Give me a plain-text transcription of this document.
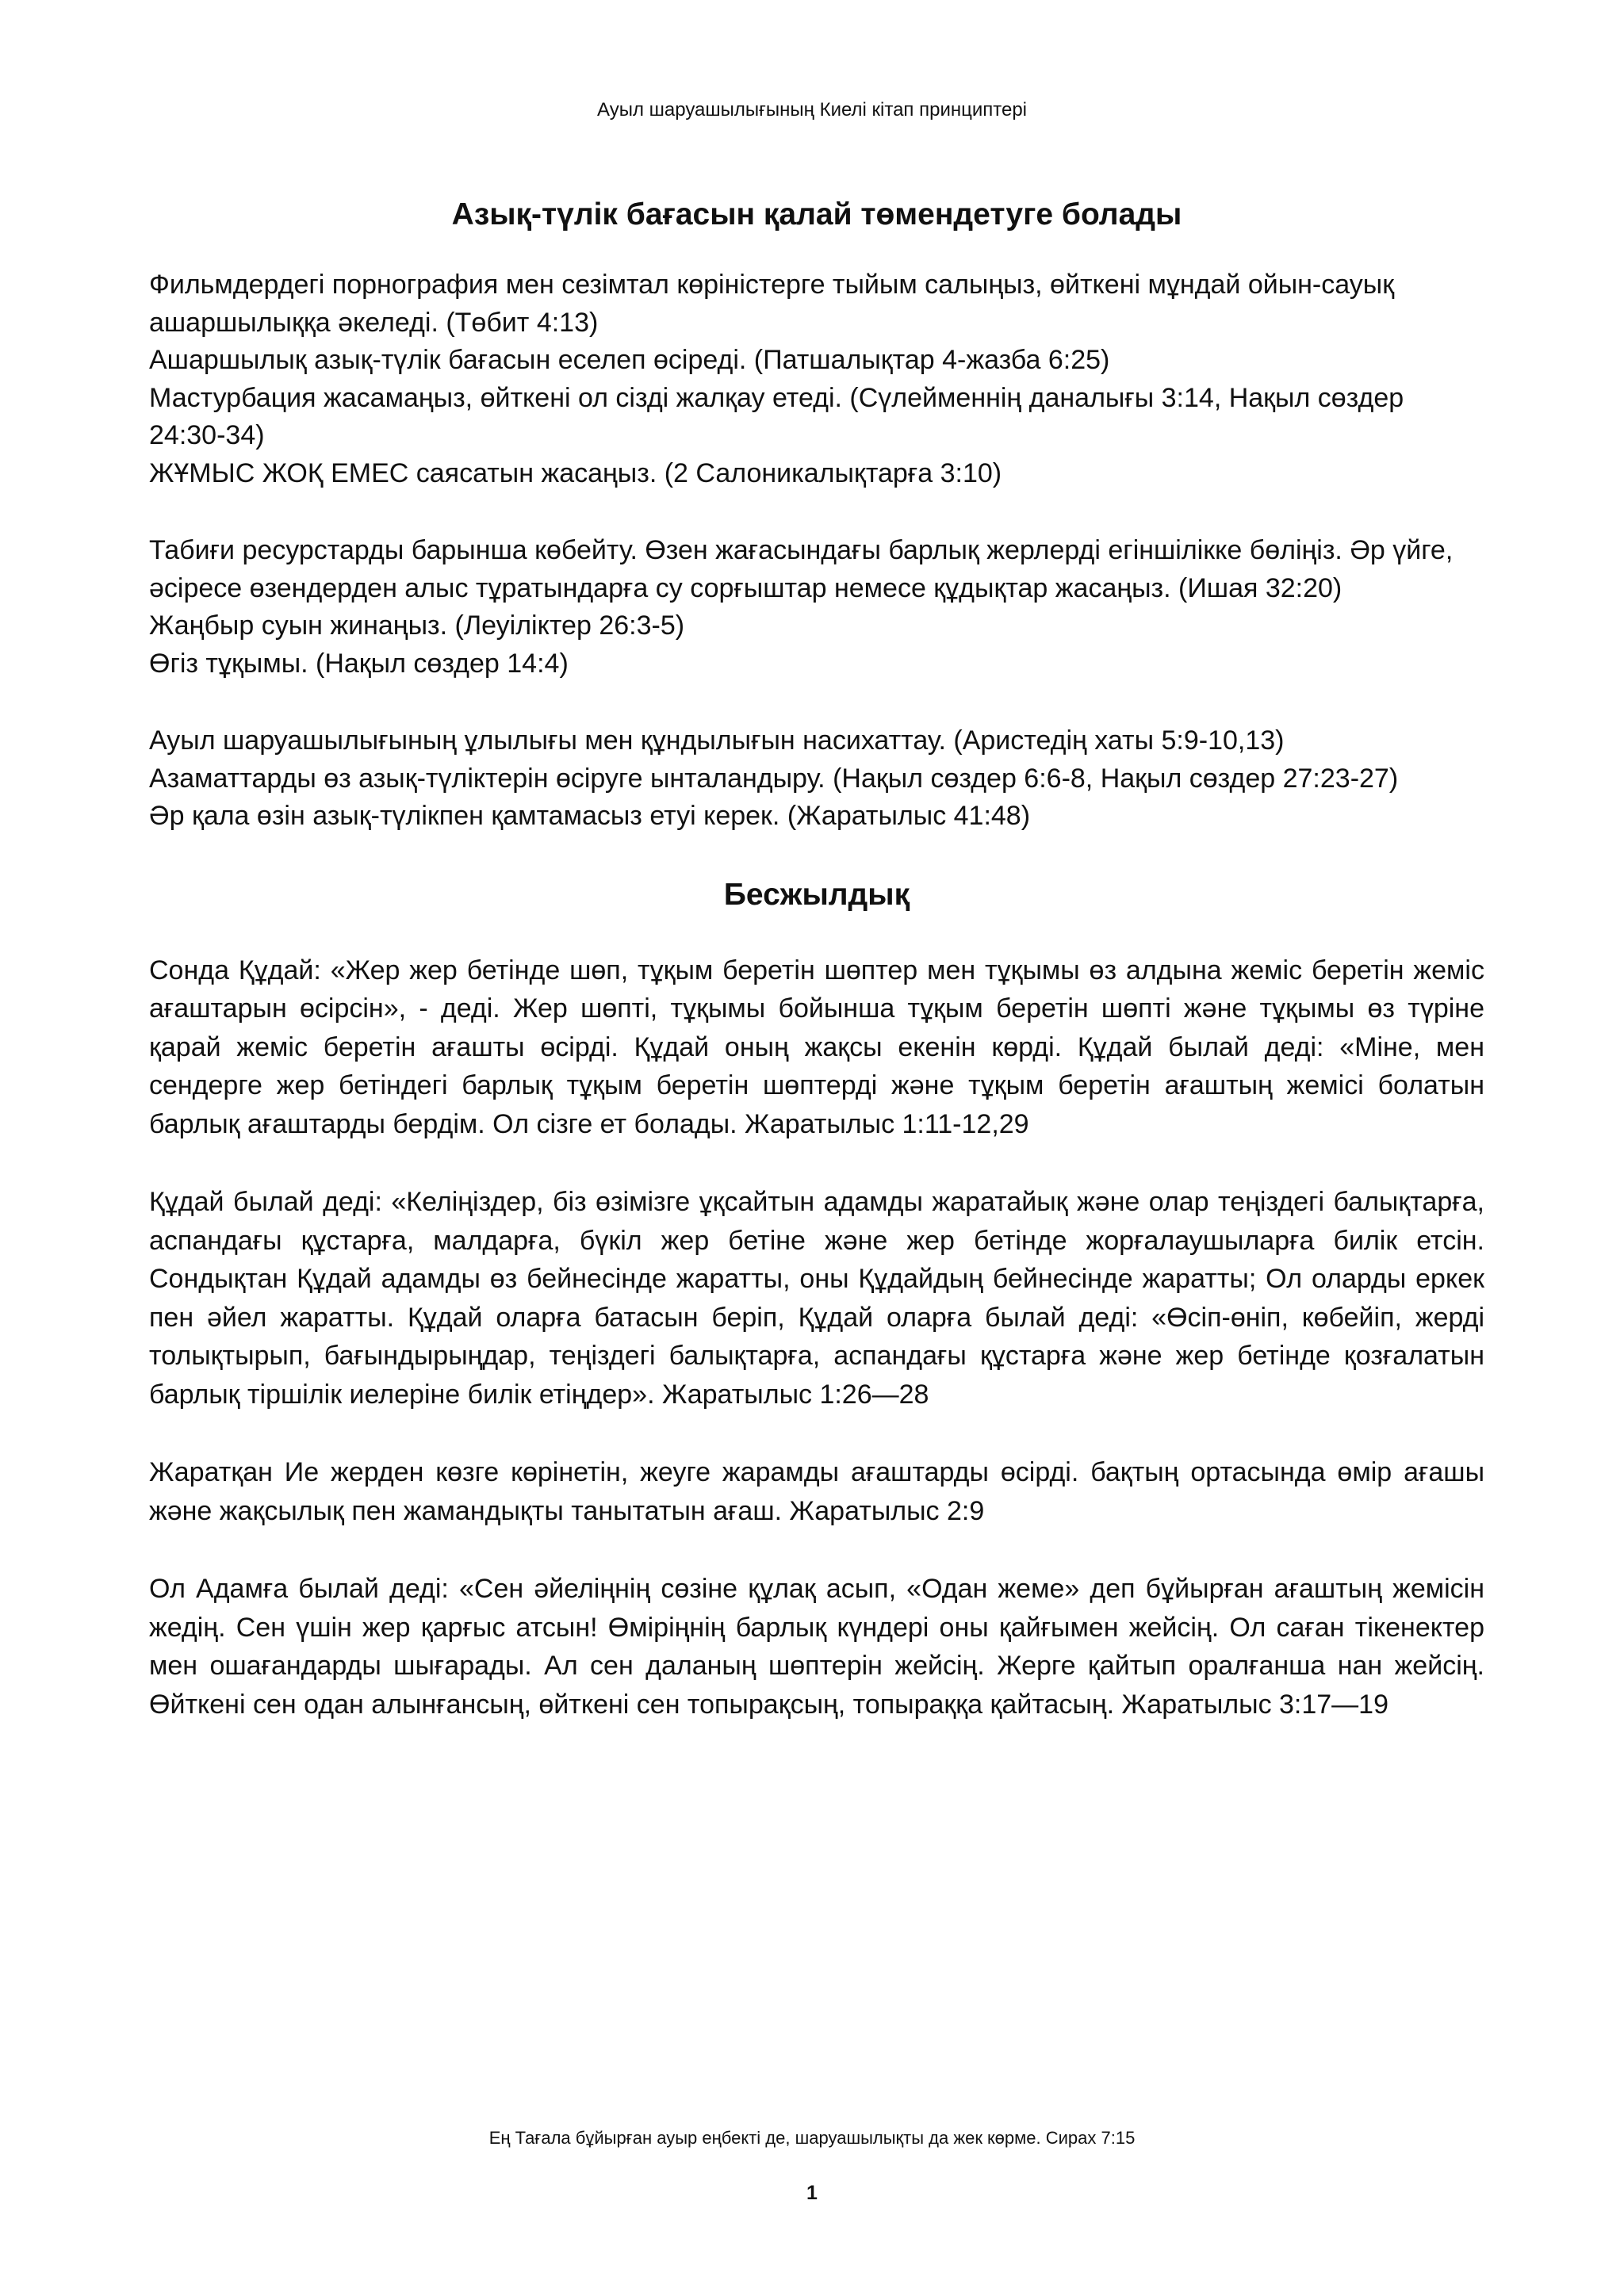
Ауыл шаруашылығының Киелі кітап принциптері
Азық-түлік бағасын қалай төмендетуге болады
Фильмдердегі порнография мен сезімтал көріністерге тыйым салыңыз, өйткені мұндай ойын-сауық ашаршылыққа әкеледі. (Төбит 4:13)
Ашаршылық азық-түлік бағасын еселеп өсіреді. (Патшалықтар 4-жазба 6:25)
Мастурбация жасамаңыз, өйткені ол сізді жалқау етеді. (Сүлейменнің даналығы 3:14, Нақыл сөздер 24:30-34)
ЖҰМЫС ЖОҚ ЕМЕС саясатын жасаңыз. (2 Салоникалықтарға 3:10)
Табиғи ресурстарды барынша көбейту. Өзен жағасындағы барлық жерлерді егіншілікке бөліңіз. Әр үйге, әсіресе өзендерден алыс тұратындарға су сорғыштар немесе құдықтар жасаңыз. (Ишая 32:20)
Жаңбыр суын жинаңыз. (Леуіліктер 26:3-5)
Өгіз тұқымы. (Нақыл сөздер 14:4)
Ауыл шаруашылығының ұлылығы мен құндылығын насихаттау. (Аристедің хаты 5:9-10,13)
Азаматтарды өз азық-түліктерін өсіруге ынталандыру. (Нақыл сөздер 6:6-8, Нақыл сөздер 27:23-27)
Әр қала өзін азық-түлікпен қамтамасыз етуі керек. (Жаратылыс 41:48)
Бесжылдық

Сонда Құдай: «Жер жер бетінде шөп, тұқым беретін шөптер мен тұқымы өз алдына жеміс беретін жеміс ағаштарын өсірсін», - деді. Жер шөпті, тұқымы бойынша тұқым беретін шөпті және тұқымы өз түріне қарай жеміс беретін ағашты өсірді. Құдай оның жақсы екенін көрді. Құдай былай деді: «Міне, мен сендерге жер бетіндегі барлық тұқым беретін шөптерді және тұқым беретін ағаштың жемісі болатын барлық ағаштарды бердім. Ол сізге ет болады. Жаратылыс 1:11-12,29

Құдай былай деді: «Келіңіздер, біз өзімізге ұқсайтын адамды жаратайық және олар теңіздегі балықтарға, аспандағы құстарға, малдарға, бүкіл жер бетіне және жер бетінде жорғалаушыларға билік етсін. Сондықтан Құдай адамды өз бейнесінде жаратты, оны Құдайдың бейнесінде жаратты; Ол оларды еркек пен әйел жаратты. Құдай оларға батасын беріп, Құдай оларға былай деді: «Өсіп-өніп, көбейіп, жерді толықтырып, бағындырыңдар, теңіздегі балықтарға, аспандағы құстарға және жер бетінде қозғалатын барлық тіршілік иелеріне билік етіңдер». Жаратылыс 1:26—28

Жаратқан Ие жерден көзге көрінетін, жеуге жарамды ағаштарды өсірді. бақтың ортасында өмір ағашы және жақсылық пен жамандықты танытатын ағаш. Жаратылыс 2:9

Ол Адамға былай деді: «Сен әйеліңнің сөзіне құлақ асып, «Одан жеме» деп бұйырған ағаштың жемісін жедің. Сен үшін жер қарғыс атсын! Өміріңнің барлық күндері оны қайғымен жейсің. Ол саған тікенектер мен ошағандарды шығарады. Ал сен даланың шөптерін жейсің. Жерге қайтып оралғанша нан жейсің. Өйткені сен одан алынғансың, өйткені сен топырақсың, топыраққа қайтасың. Жаратылыс 3:17—19

Ең Тағала бұйырған ауыр еңбекті де, шаруашылықты да жек көрме. Сирах 7:15
1
